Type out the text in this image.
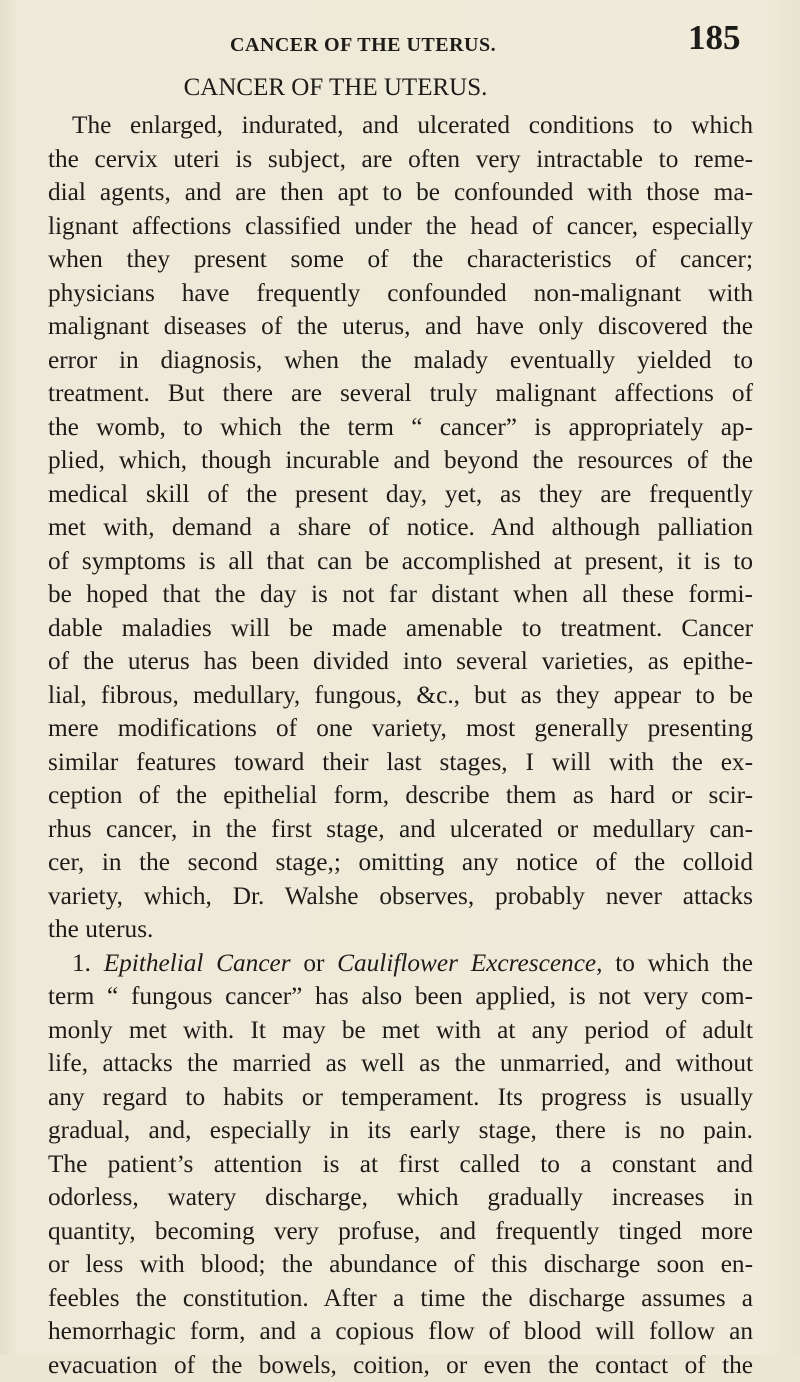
CANCER OF THE UTERUS.	185
CANCER OF THE UTERUS.
The enlarged, indurated, and ulcerated conditions to which
the cervix uteri is subject, are often very intractable to reme-
dial agents, and are then apt to be confounded with those ma-
lignant affections classified under the head of cancer, especially
when they present some of the characteristics of cancer;
physicians have frequently confounded non-malignant with
malignant diseases of the uterus, and have only discovered the
error in diagnosis, when the malady eventually yielded to
treatment. But there are several truly malignant affections of
the womb, to which the term “ cancer” is appropriately ap-
plied, which, though incurable and beyond the resources of the
medical skill of the present day, yet, as they are frequently
met with, demand a share of notice. And although palliation
of symptoms is all that can be accomplished at present, it is to
be hoped that the day is not far distant when all these formi-
dable maladies will be made amenable to treatment. Cancer
of the uterus has been divided into several varieties, as epithe-
lial, fibrous, medullary, fungous, &c., but as they appear to be
mere modifications of one variety, most generally presenting
similar features toward their last stages, I will with the ex-
ception of the epithelial form, describe them as hard or scir-
rhus cancer, in the first stage, and ulcerated or medullary can-
cer, in the second stage,; omitting any notice of the colloid
variety, which, Dr. Walshe observes, probably never attacks
the uterus.
1. Epithelial Cancer or Cauliflower Excrescence, to which the
term “ fungous cancer” has also been applied, is not very com-
monly met with. It may be met with at any period of adult
life, attacks the married as well as the unmarried, and without
any regard to habits or temperament. Its progress is usually
gradual, and, especially in its early stage, there is no pain.
The patient’s attention is at first called to a constant and
odorless, watery discharge, which gradually increases in
quantity, becoming very profuse, and frequently tinged more
or less with blood; the abundance of this discharge soon en-
feebles the constitution. After a time the discharge assumes a
hemorrhagic form, and a copious flow of blood will follow an
evacuation of the bowels, coition, or even the contact of the
